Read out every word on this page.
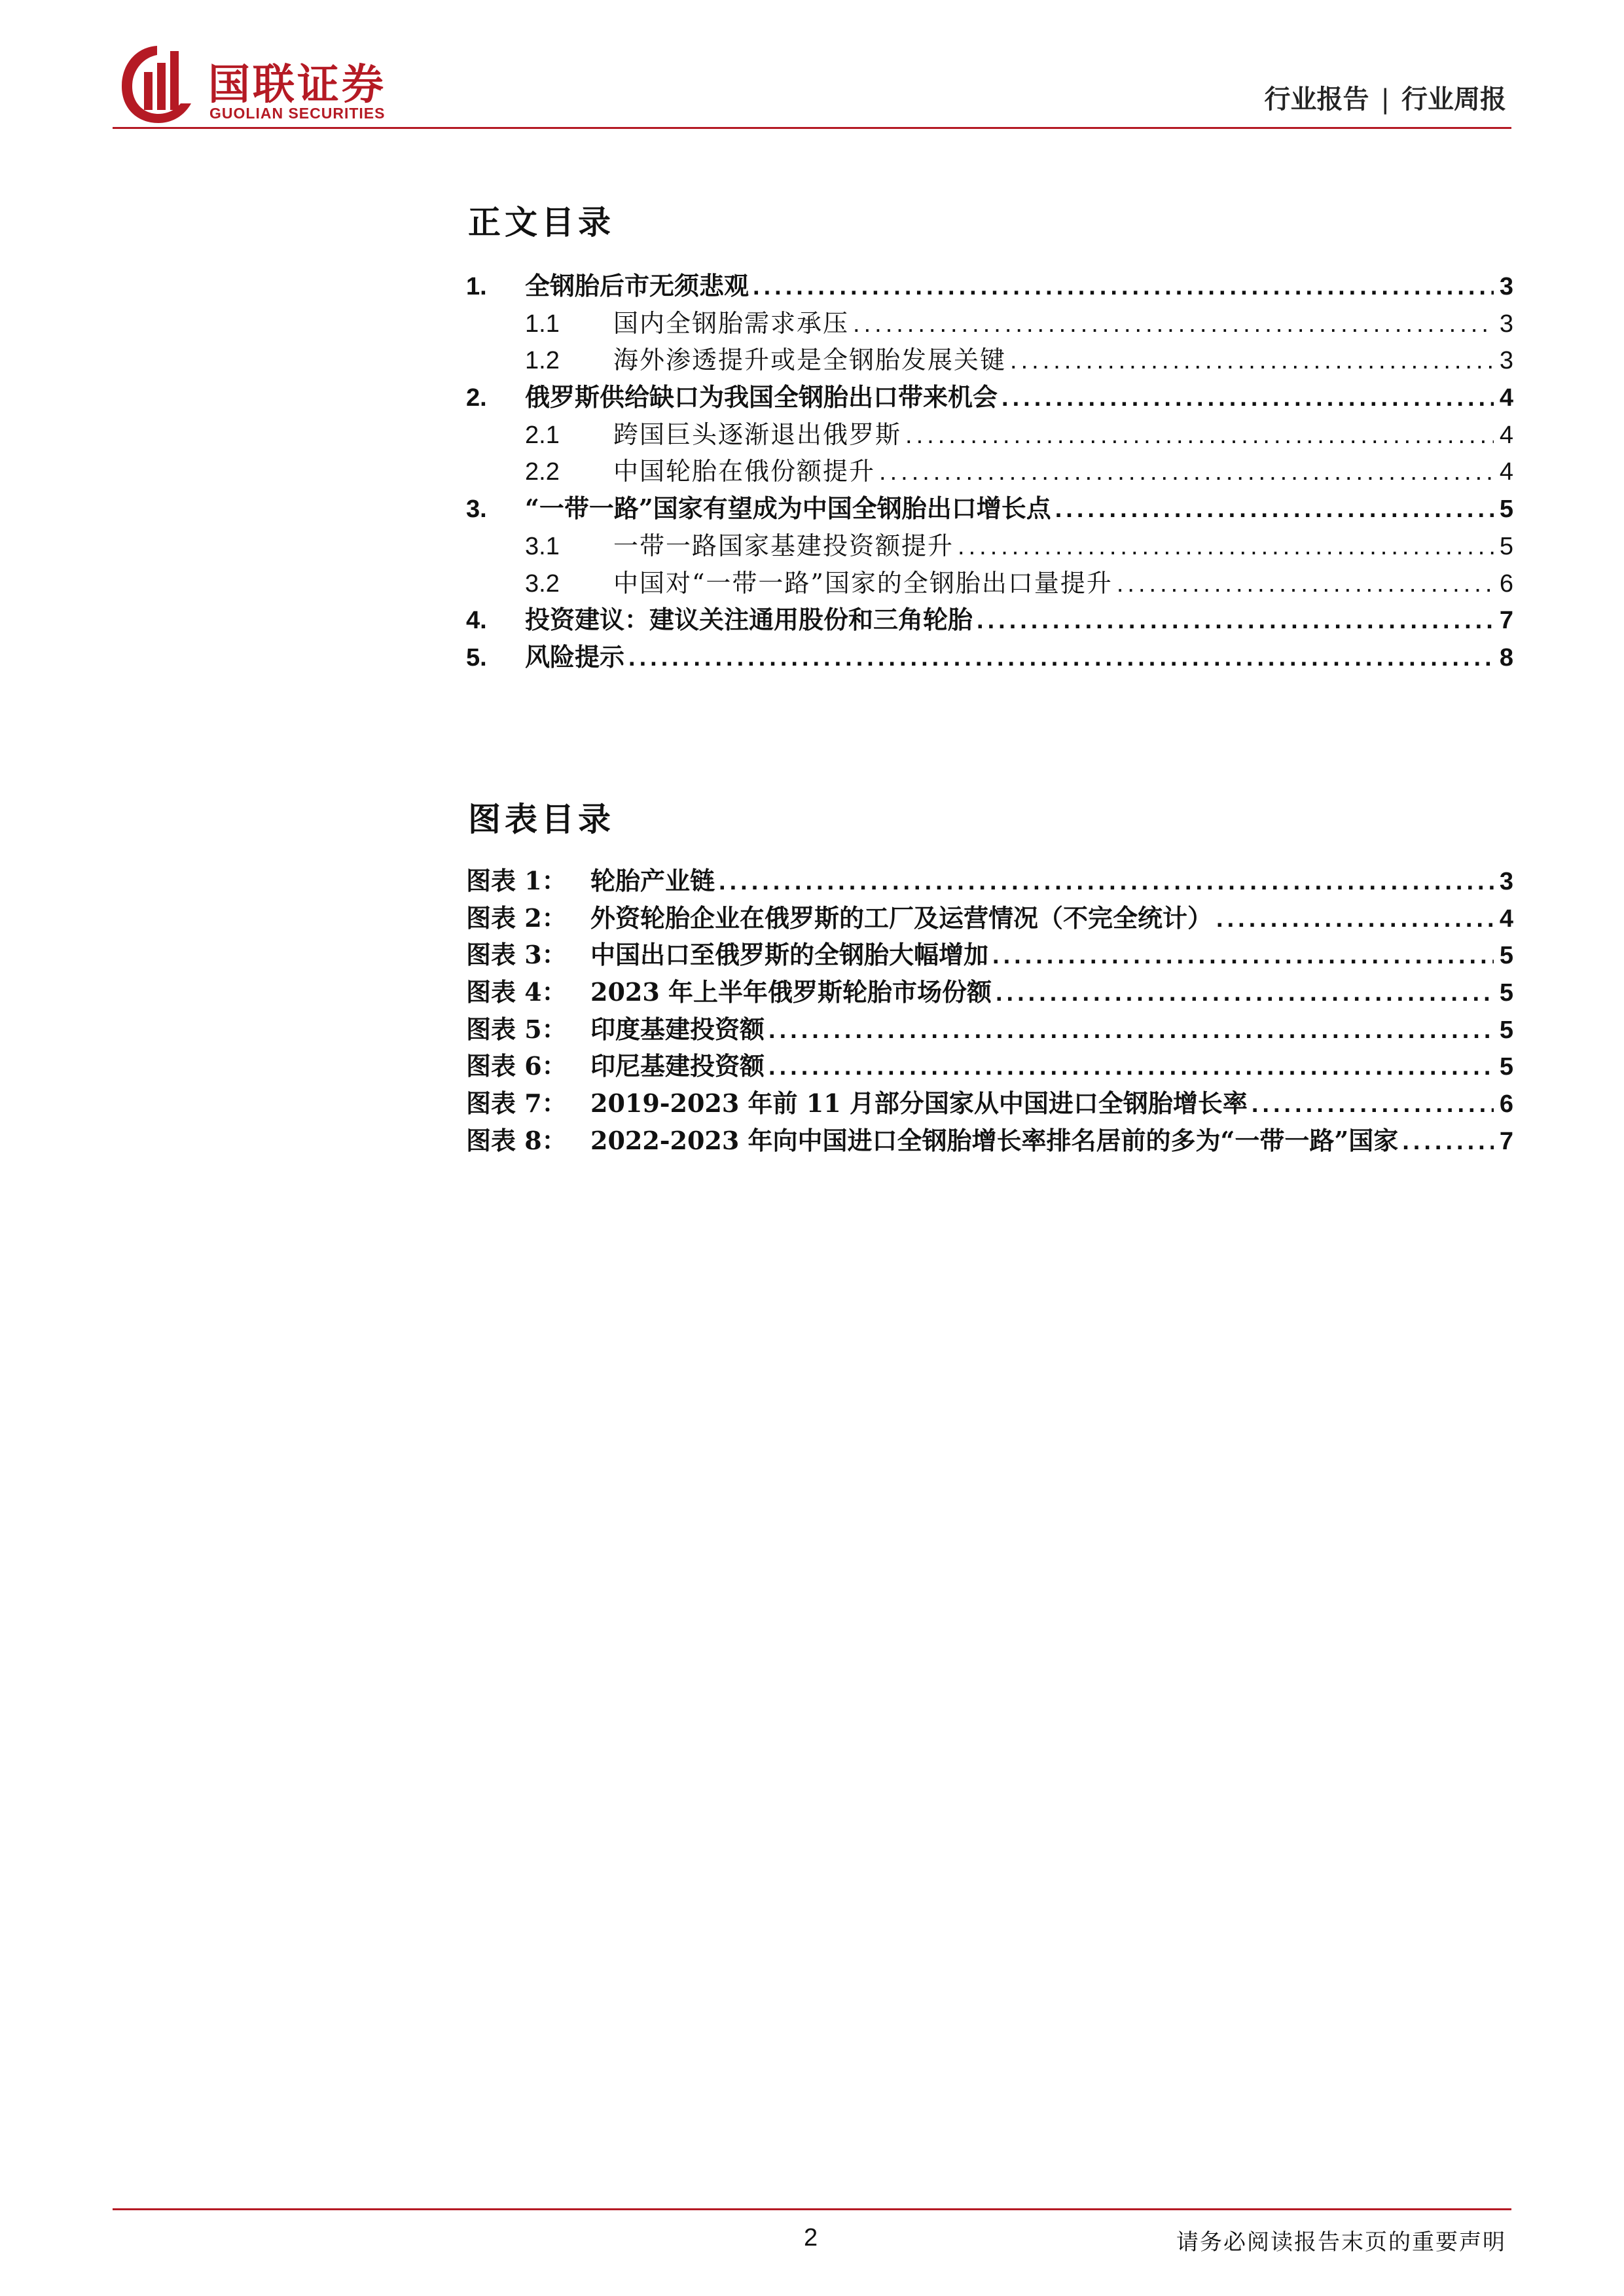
国联证券
GUOLIAN SECURITIES	行业报告 | 行业周报
正文目录
1.	全钢胎后市无须悲观 .....	3
1.1	国内全钢胎需求承压 .....	3
1.2	海外渗透提升或是全钢胎发展关键 .....	3
2.	俄罗斯供给缺口为我国全钢胎出口带来机会 .....	4
2.1	跨国巨头逐渐退出俄罗斯 .....	4
2.2	中国轮胎在俄份额提升 .....	4
3.	“一带一路”国家有望成为中国全钢胎出口增长点 .....	5
3.1	一带一路国家基建投资额提升 .....	5
3.2	中国对“一带一路”国家的全钢胎出口量提升 .....	6
4.	投资建议：建议关注通用股份和三角轮胎 .....	7
5.	风险提示 .....	8
图表目录
图表 1： 轮胎产业链 .....	3
图表 2： 外资轮胎企业在俄罗斯的工厂及运营情况（不完全统计） .....	4
图表 3： 中国出口至俄罗斯的全钢胎大幅增加 .....	5
图表 4： 2023 年上半年俄罗斯轮胎市场份额 .....	5
图表 5： 印度基建投资额 .....	5
图表 6： 印尼基建投资额 .....	5
图表 7： 2019-2023 年前 11 月部分国家从中国进口全钢胎增长率 .....	6
图表 8： 2022-2023 年向中国进口全钢胎增长率排名居前的多为“一带一路”国家 .....	7
2	请务必阅读报告末页的重要声明
